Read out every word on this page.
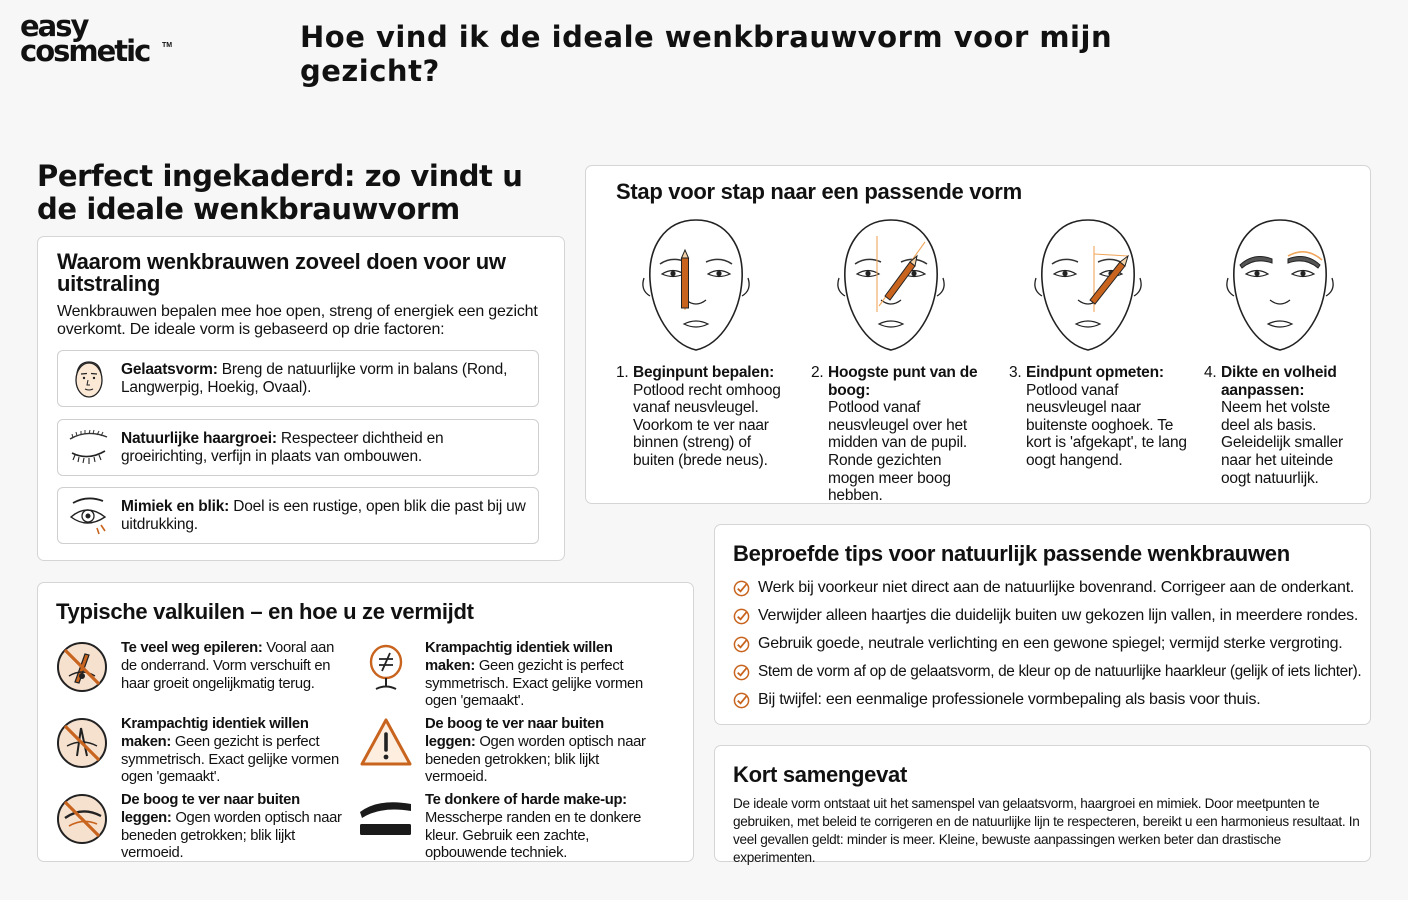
easy
cosmetic	TM	Hoe vind ik de ideale wenkbrauwvorm voor mijn gezicht?
Perfect ingekaderd: zo vindt u de ideale wenkbrauwvorm
Waarom wenkbrauwen zoveel doen voor uw uitstraling
Wenkbrauwen bepalen mee hoe open, streng of energiek een gezicht overkomt. De ideale vorm is gebaseerd op drie factoren:
Gelaatsvorm: Breng de natuurlijke vorm in balans (Rond, Langwerpig, Hoekig, Ovaal).
Natuurlijke haargroei: Respecteer dichtheid en groeirichting, verfijn in plaats van ombouwen.
Mimiek en blik: Doel is een rustige, open blik die past bij uw uitdrukking.
Stap voor stap naar een passende vorm
1. Beginpunt bepalen:
Potlood recht omhoog vanaf neusvleugel. Voorkom te ver naar binnen (streng) of buiten (brede neus).
2. Hoogste punt van de boog:
Potlood vanaf neusvleugel over het midden van de pupil. Ronde gezichten mogen meer boog hebben.
3. Eindpunt opmeten:
Potlood vanaf neusvleugel naar buitenste ooghoek. Te kort is 'afgekapt', te lang oogt hangend.
4. Dikte en volheid aanpassen:
Neem het volste deel als basis. Geleidelijk smaller naar het uiteinde oogt natuurlijk.
Typische valkuilen – en hoe u ze vermijdt
Te veel weg epileren: Vooral aan de onderrand. Vorm verschuift en haar groeit ongelijkmatig terug.
Krampachtig identiek willen maken: Geen gezicht is perfect symmetrisch. Exact gelijke vormen ogen 'gemaakt'.
Krampachtig identiek willen maken: Geen gezicht is perfect symmetrisch. Exact gelijke vormen ogen 'gemaakt'.
De boog te ver naar buiten leggen: Ogen worden optisch naar beneden getrokken; blik lijkt vermoeid.
De boog te ver naar buiten leggen: Ogen worden optisch naar beneden getrokken; blik lijkt vermoeid.
Te donkere of harde make-up: Messcherpe randen en te donkere kleur. Gebruik een zachte, opbouwende techniek.
Beproefde tips voor natuurlijk passende wenkbrauwen
Werk bij voorkeur niet direct aan de natuurlijke bovenrand. Corrigeer aan de onderkant.
Verwijder alleen haartjes die duidelijk buiten uw gekozen lijn vallen, in meerdere rondes.
Gebruik goede, neutrale verlichting en een gewone spiegel; vermijd sterke vergroting.
Stem de vorm af op de gelaatsvorm, de kleur op de natuurlijke haarkleur (gelijk of iets lichter).
Bij twijfel: een eenmalige professionele vormbepaling als basis voor thuis.
Kort samengevat
De ideale vorm ontstaat uit het samenspel van gelaatsvorm, haargroei en mimiek. Door meetpunten te gebruiken, met beleid te corrigeren en de natuurlijke lijn te respecteren, bereikt u een harmonieus resultaat. In veel gevallen geldt: minder is meer. Kleine, bewuste aanpassingen werken beter dan drastische experimenten.
